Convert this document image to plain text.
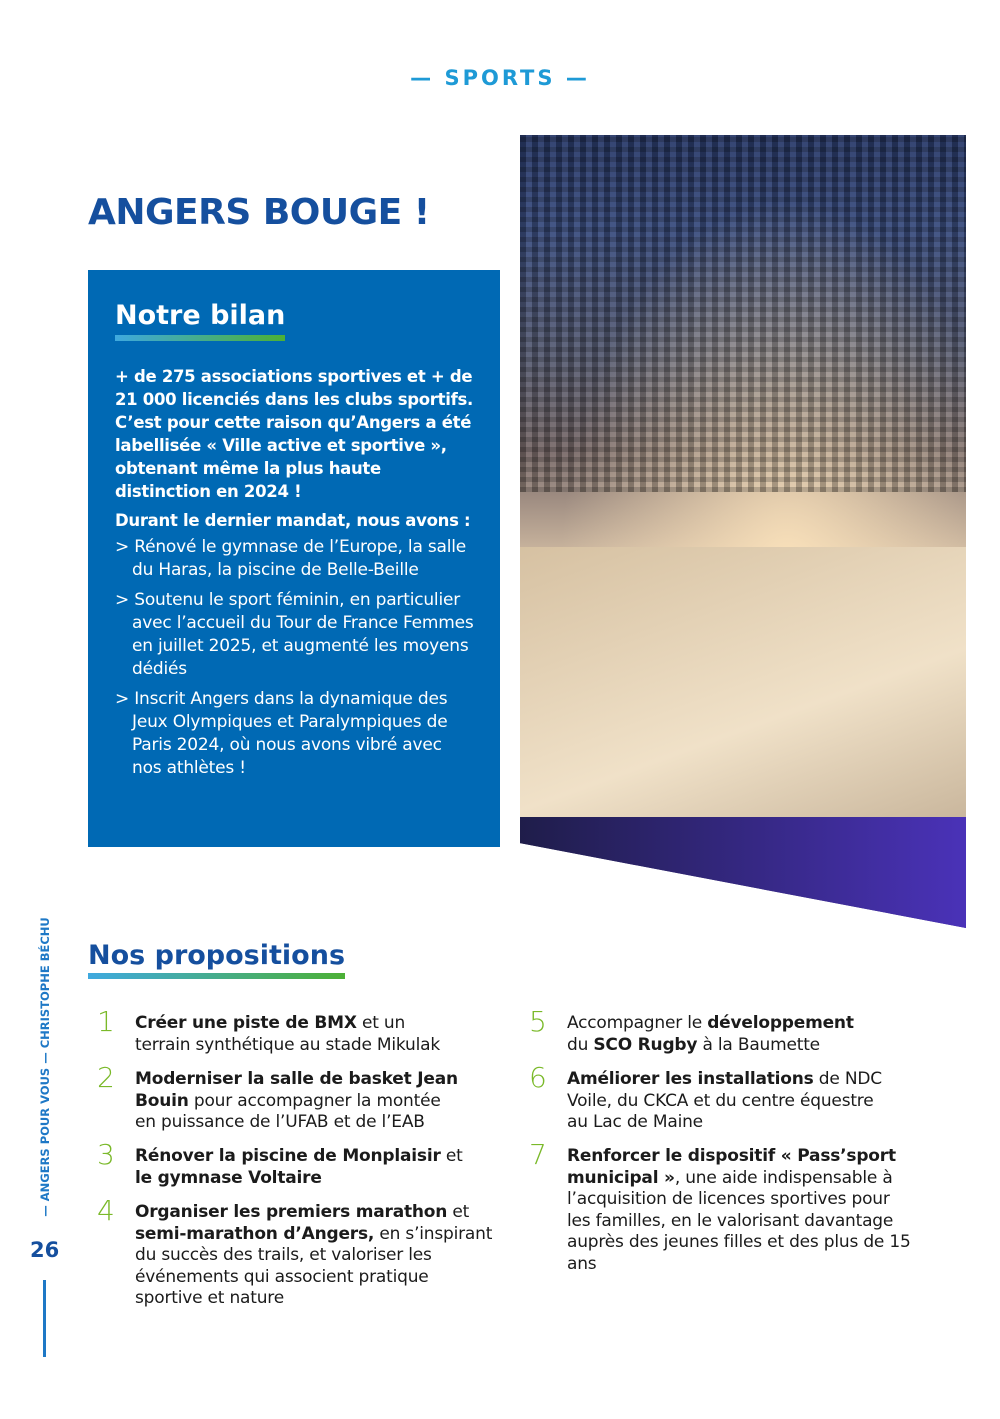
— SPORTS —
ANGERS BOUGE !
Notre bilan

+ de 275 associations sportives et + de 21 000 licenciés dans les clubs sportifs. C’est pour cette raison qu’Angers a été labellisée « Ville active et sportive », obtenant même la plus haute distinction en 2024 !

Durant le dernier mandat, nous avons :

> Rénové le gymnase de l’Europe, la salle du Haras, la piscine de Belle-Beille
> Soutenu le sport féminin, en particulier avec l’accueil du Tour de France Femmes en juillet 2025, et augmenté les moyens dédiés
> Inscrit Angers dans la dynamique des Jeux Olympiques et Paralympiques de Paris 2024, où nous avons vibré avec nos athlètes !
— ANGERS POUR VOUS — CHRISTOPHE BÉCHU
26
Nos propositions
1 Créer une piste de BMX et un terrain synthétique au stade Mikulak
2 Moderniser la salle de basket Jean Bouin pour accompagner la montée en puissance de l’UFAB et de l’EAB
3 Rénover la piscine de Monplaisir et le gymnase Voltaire
4 Organiser les premiers marathon et semi-marathon d’Angers, en s’inspirant du succès des trails, et valoriser les événements qui associent pratique sportive et nature
5 Accompagner le développement du SCO Rugby à la Baumette
6 Améliorer les installations de NDC Voile, du CKCA et du centre équestre au Lac de Maine
7 Renforcer le dispositif « Pass’sport municipal », une aide indispensable à l’acquisition de licences sportives pour les familles, en le valorisant davantage auprès des jeunes filles et des plus de 15 ans
